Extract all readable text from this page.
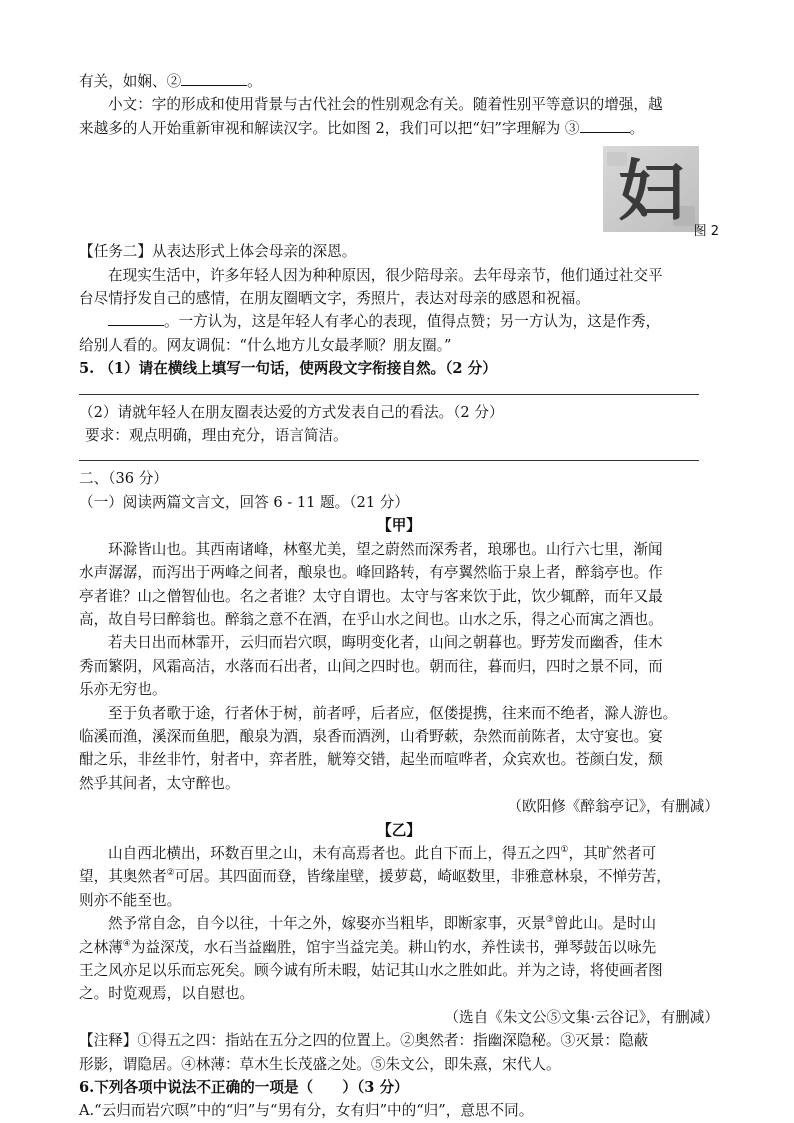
有关，如娴、②	。
小文：字的形成和使用背景与古代社会的性别观念有关。随着性别平等意识的增强，越
来越多的人开始重新审视和解读汉字。比如图 2，我们可以把“妇”字理解为 ③	。
妇
图 2
【任务二】从表达形式上体会母亲的深恩。
在现实生活中，许多年轻人因为种种原因，很少陪母亲。去年母亲节，他们通过社交平
台尽情抒发自己的感情，在朋友圈晒文字，秀照片，表达对母亲的感恩和祝福。
。一方认为，这是年轻人有孝心的表现，值得点赞；另一方认为，这是作秀，
给别人看的。网友调侃：“什么地方儿女最孝顺？朋友圈。”
5. （1）请在横线上填写一句话，使两段文字衔接自然。（2 分）
（2）请就年轻人在朋友圈表达爱的方式发表自己的看法。（2 分）
要求：观点明确，理由充分，语言简洁。
二、（36 分）
（一）阅读两篇文言文，回答 6 - 11 题。（21 分）
【甲】
环滁皆山也。其西南诸峰，林壑尤美，望之蔚然而深秀者，琅琊也。山行六七里，渐闻
水声潺潺，而泻出于两峰之间者，酿泉也。峰回路转，有亭翼然临于泉上者，醉翁亭也。作
亭者谁？山之僧智仙也。名之者谁？太守自谓也。太守与客来饮于此，饮少辄醉，而年又最
高，故自号曰醉翁也。醉翁之意不在酒，在乎山水之间也。山水之乐，得之心而寓之酒也。
若夫日出而林霏开，云归而岩穴暝，晦明变化者，山间之朝暮也。野芳发而幽香，佳木
秀而繁阴，风霜高洁，水落而石出者，山间之四时也。朝而往，暮而归，四时之景不同，而
乐亦无穷也。
至于负者歌于途，行者休于树，前者呼，后者应，伛偻提携，往来而不绝者，滁人游也。
临溪而渔，溪深而鱼肥，酿泉为酒，泉香而酒洌，山肴野蔌，杂然而前陈者，太守宴也。宴
酣之乐，非丝非竹，射者中，弈者胜，觥筹交错，起坐而喧哗者，众宾欢也。苍颜白发，颓
然乎其间者，太守醉也。
（欧阳修《醉翁亭记》，有删减）
【乙】
山自西北横出，环数百里之山，未有高焉者也。此自下而上，得五之四①，其旷然者可
望，其奥然者②可居。其四面而登，皆缘崖壁，援萝葛，崎岖数里，非雅意林泉，不惮劳苦，
则亦不能至也。
然予常自念，自今以往，十年之外，嫁娶亦当粗毕，即断家事，灭景③曾此山。是时山
之林薄④为益深茂，水石当益幽胜，馆宇当益完美。耕山钓水，养性读书，弹琴鼓缶以咏先
王之风亦足以乐而忘死矣。顾今诚有所未暇，姑记其山水之胜如此。并为之诗，将使画者图
之。时览观焉，以自慰也。
（选自《朱文公⑤文集·云谷记》，有删减）
【注释】①得五之四：指站在五分之四的位置上。②奥然者：指幽深隐秘。③灭景：隐蔽
形影，谓隐居。④林薄：草木生长茂盛之处。⑤朱文公，即朱熹，宋代人。
6.下列各项中说法不正确的一项是（　　）（3 分）
A.“云归而岩穴暝”中的“归”与“男有分，女有归”中的“归”，意思不同。
